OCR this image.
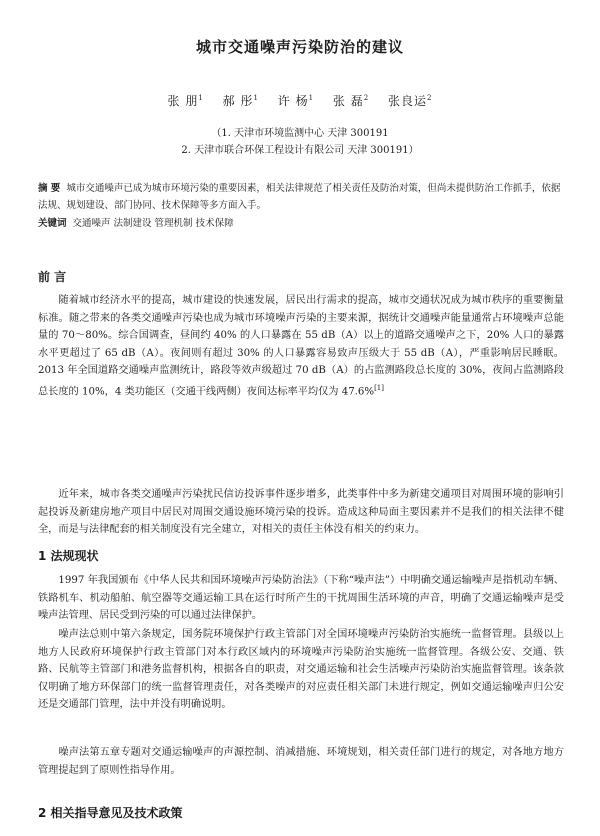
城市交通噪声污染防治的建议
张 朋$^1$ 郝 彤$^1$ 许 杨$^1$ 张 磊$^2$ 张良运$^2$
（1. 天津市环境监测中心 天津 300191
2. 天津市联合环保工程设计有限公司 天津 300191）
摘 要 城市交通噪声已成为城市环境污染的重要因素，相关法律规范了相关责任及防治对策，但尚未提供防治工作抓手，依据法规、规划建设、部门协同、技术保障等多方面入手。
关键词 交通噪声 法制建设 管理机制 技术保障
前 言

随着城市经济水平的提高，城市建设的快速发展，居民出行需求的提高，城市交通状况成为城市秩序的重要衡量标准。随之带来的各类交通噪声污染也成为城市环境噪声污染的主要来源，据统计交通噪声能量通常占环境噪声总能量的 70～80%。综合国调查，昼间约 40% 的人口暴露在 55 dB（A）以上的道路交通噪声之下，20% 人口的暴露水平更超过了 65 dB（A）。夜间则有超过 30% 的人口暴露容易致声压级大于 55 dB（A），严重影响居民睡眠。2013 年全国道路交通噪声监测统计，路段等效声级超过 70 dB（A）的占监测路段总长度的 30%，夜间占监测路段总长度的 10%，4 类功能区（交通干线两侧）夜间达标率平均仅为 47.6%[1]

近年来，城市各类交通噪声污染扰民信访投诉事件逐步增多，此类事件中多为新建交通项目对周围环境的影响引起投诉及新建房地产项目中居民对周围交通设施环境污染的投诉。造成这种局面主要因素并不是我们的相关法律不健全，而是与法律配套的相关制度没有完全建立，对相关的责任主体没有相关的约束力。

1 法规现状

1997 年我国颁布《中华人民共和国环境噪声污染防治法》（下称“噪声法”）中明确交通运输噪声是指机动车辆、铁路机车、机动船舶、航空器等交通运输工具在运行时所产生的干扰周围生活环境的声音，明确了交通运输噪声是受噪声法管理、居民受到污染的可以通过法律保护。

噪声法总则中第六条规定，国务院环境保护行政主管部门对全国环境噪声污染防治实施统一监督管理。县级以上地方人民政府环境保护行政主管部门对本行政区域内的环境噪声污染防治实施统一监督管理。各级公安、交通、铁路、民航等主管部门和港务监督机构，根据各自的职责，对交通运输和社会生活噪声污染防治实施监督管理。该条款仅明确了地方环保部门的统一监督管理责任，对各类噪声的对应责任相关部门未进行规定，例如交通运输噪声归公安还是交通部门管理，法中并没有明确说明。

噪声法第五章专题对交通运输噪声的声源控制、消减措施、环境规划，相关责任部门进行的规定，对各地方地方管理提起到了原则性指导作用。

2 相关指导意见及技术政策
